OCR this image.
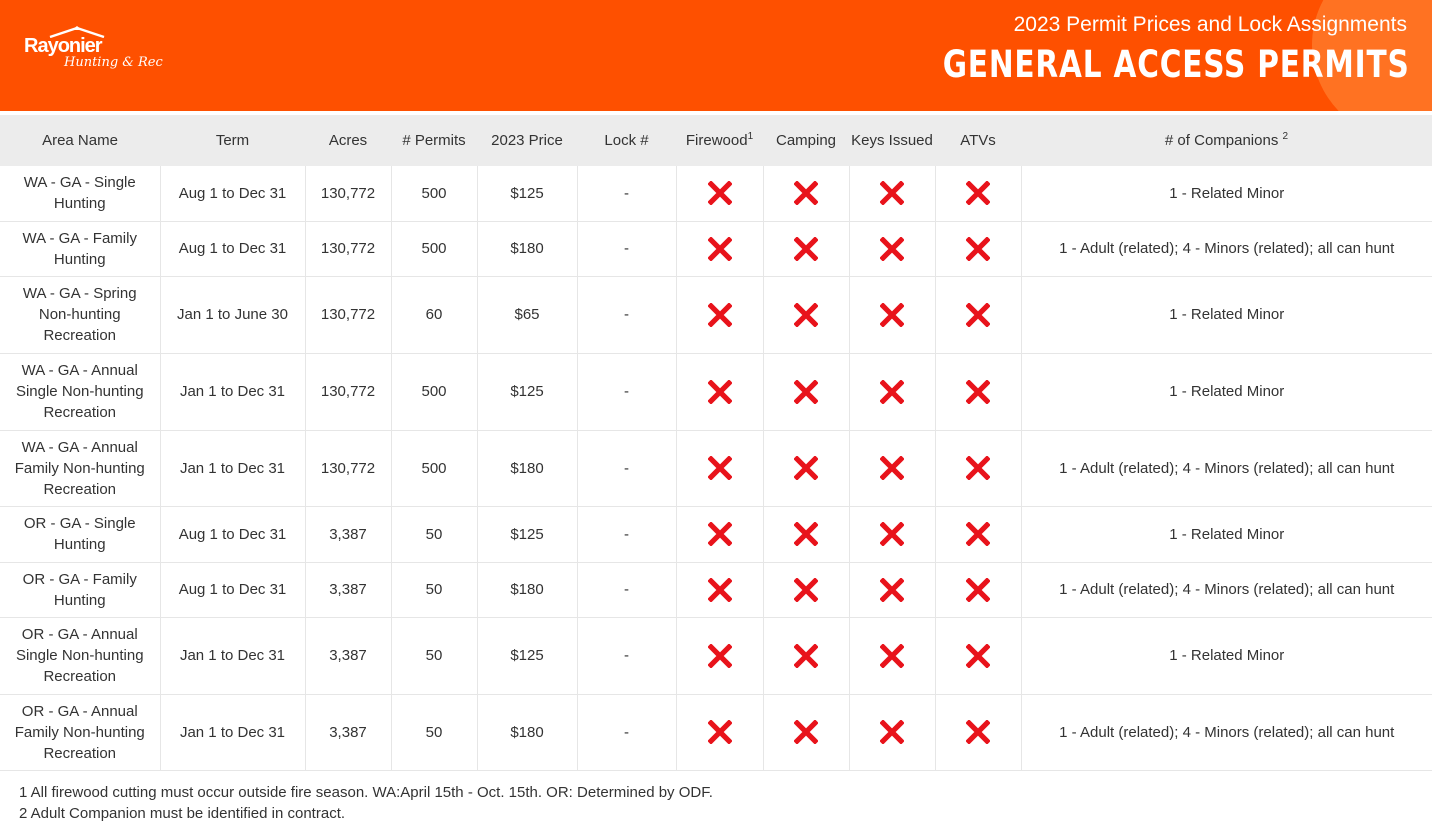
Rayonier
Hunting & Rec
2023 Permit Prices and Lock Assignments
GENERAL ACCESS PERMITS
Area Name	Term	Acres	# Permits	2023 Price	Lock #	Firewood$^1$	Camping	Keys Issued	ATVs	# of Companions $^2$

WA - GA - Single
Hunting	Aug 1 to Dec 31	130,772	500	$125	-					1 - Related Minor

WA - GA - Family
Hunting	Aug 1 to Dec 31	130,772	500	$180	-					1 - Adult (related); 4 - Minors (related); all can hunt

WA - GA - Spring
Non-hunting
Recreation	Jan 1 to June 30	130,772	60	$65	-					1 - Related Minor

WA - GA - Annual
Single Non-hunting
Recreation	Jan 1 to Dec 31	130,772	500	$125	-					1 - Related Minor

WA - GA - Annual
Family Non-hunting
Recreation	Jan 1 to Dec 31	130,772	500	$180	-					1 - Adult (related); 4 - Minors (related); all can hunt

OR - GA - Single
Hunting	Aug 1 to Dec 31	3,387	50	$125	-					1 - Related Minor

OR - GA - Family
Hunting	Aug 1 to Dec 31	3,387	50	$180	-					1 - Adult (related); 4 - Minors (related); all can hunt

OR - GA - Annual
Single Non-hunting
Recreation	Jan 1 to Dec 31	3,387	50	$125	-					1 - Related Minor

OR - GA - Annual
Family Non-hunting
Recreation	Jan 1 to Dec 31	3,387	50	$180	-					1 - Adult (related); 4 - Minors (related); all can hunt
1 All firewood cutting must occur outside fire season. WA:April 15th - Oct. 15th. OR: Determined by ODF.
2 Adult Companion must be identified in contract.
